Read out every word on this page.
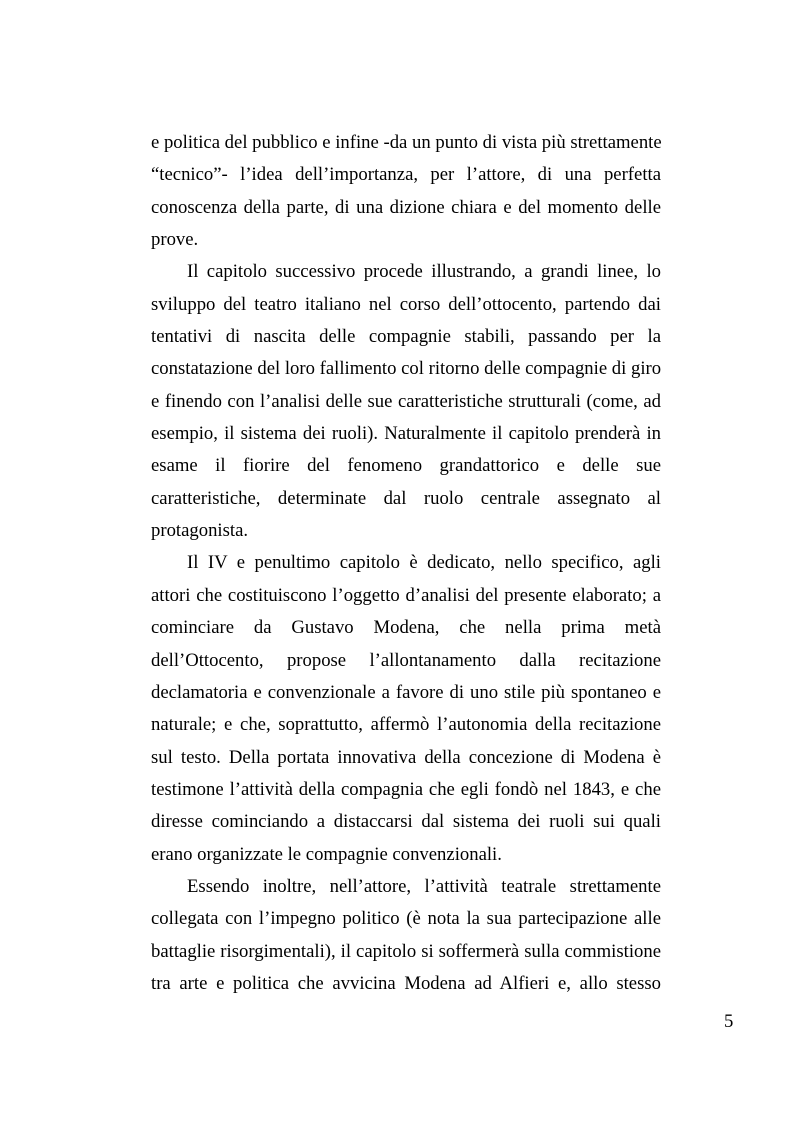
e politica del pubblico e infine -da un punto di vista più strettamente
“tecnico”- l’idea dell’importanza, per l’attore, di una perfetta
conoscenza della parte, di una dizione chiara e del momento delle
prove.

Il capitolo successivo procede illustrando, a grandi linee, lo
sviluppo del teatro italiano nel corso dell’ottocento, partendo dai
tentativi di nascita delle compagnie stabili, passando per la
constatazione del loro fallimento col ritorno delle compagnie di giro
e finendo con l’analisi delle sue caratteristiche strutturali (come, ad
esempio, il sistema dei ruoli). Naturalmente il capitolo prenderà in
esame il fiorire del fenomeno grandattorico e delle sue
caratteristiche, determinate dal ruolo centrale assegnato al
protagonista.

Il IV e penultimo capitolo è dedicato, nello specifico, agli
attori che costituiscono l’oggetto d’analisi del presente elaborato; a
cominciare da Gustavo Modena, che nella prima metà
dell’Ottocento, propose l’allontanamento dalla recitazione
declamatoria e convenzionale a favore di uno stile più spontaneo e
naturale; e che, soprattutto, affermò l’autonomia della recitazione
sul testo. Della portata innovativa della concezione di Modena è
testimone l’attività della compagnia che egli fondò nel 1843, e che
diresse cominciando a distaccarsi dal sistema dei ruoli sui quali
erano organizzate le compagnie convenzionali.

Essendo inoltre, nell’attore, l’attività teatrale strettamente
collegata con l’impegno politico (è nota la sua partecipazione alle
battaglie risorgimentali), il capitolo si soffermerà sulla commistione
tra arte e politica che avvicina Modena ad Alfieri e, allo stesso

5
